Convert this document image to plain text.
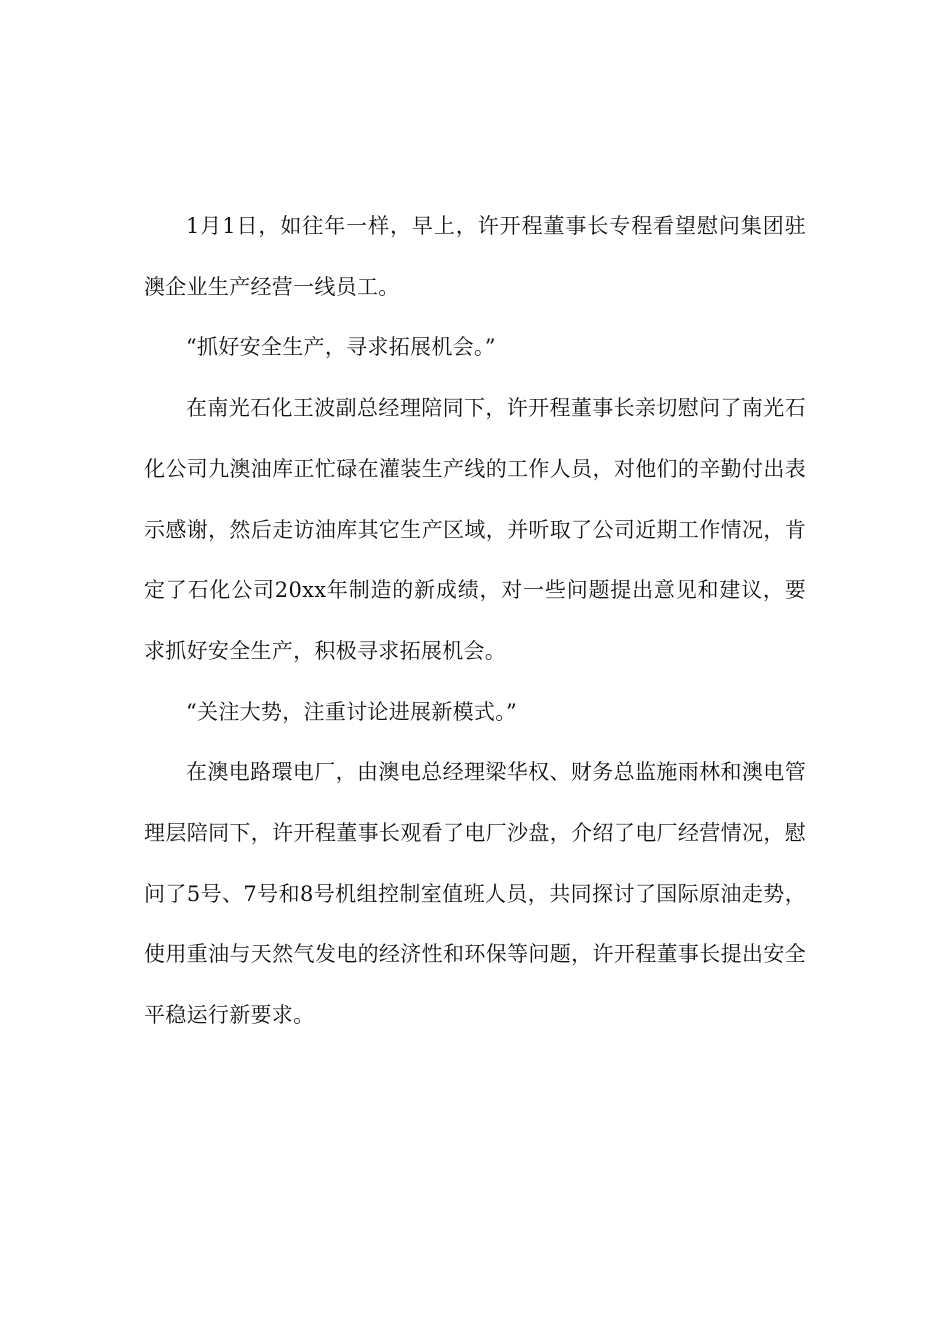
1月1日，如往年一样，早上，许开程董事长专程看望慰问集团驻澳企业生产经营一线员工。

“抓好安全生产，寻求拓展机会。”

在南光石化王波副总经理陪同下，许开程董事长亲切慰问了南光石化公司九澳油库正忙碌在灌装生产线的工作人员，对他们的辛勤付出表示感谢，然后走访油库其它生产区域，并听取了公司近期工作情况，肯定了石化公司20xx年制造的新成绩，对一些问题提出意见和建议，要求抓好安全生产，积极寻求拓展机会。

“关注大势，注重讨论进展新模式。”

在澳电路環电厂，由澳电总经理梁华权、财务总监施雨林和澳电管理层陪同下，许开程董事长观看了电厂沙盘，介绍了电厂经营情况，慰问了5号、7号和8号机组控制室值班人员，共同探讨了国际原油走势，使用重油与天然气发电的经济性和环保等问题，许开程董事长提出安全平稳运行新要求。
